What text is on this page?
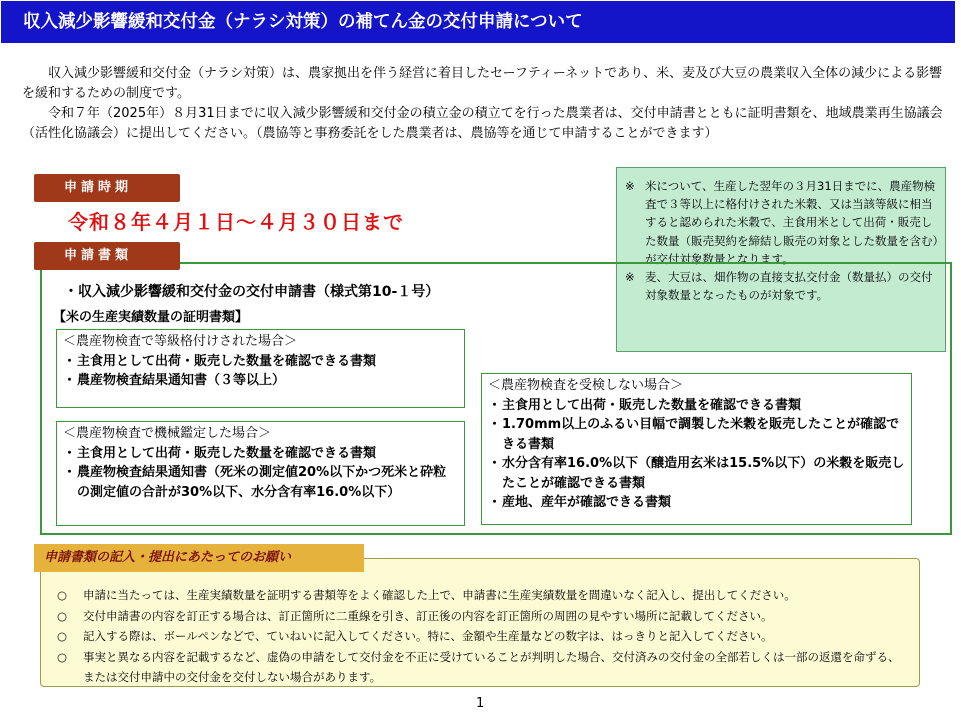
収入減少影響緩和交付金（ナラシ対策）の補てん金の交付申請について
収入減少影響緩和交付金（ナラシ対策）は、農家拠出を伴う経営に着目したセーフティーネットであり、米、麦及び大豆の農業収入全体の減少による影響を緩和するための制度です。
令和７年（2025年）８月31日までに収入減少影響緩和交付金の積立金の積立てを行った農業者は、交付申請書とともに証明書類を、地域農業再生協議会（活性化協議会）に提出してください。（農協等と事務委託をした農業者は、農協等を通じて申請することができます）
申請時期
令和８年４月１日～４月３０日まで
※ 米について、生産した翌年の３月31日までに、農産物検査で３等以上に格付けされた米穀、又は当該等級に相当すると認められた米穀で、主食用米として出荷・販売した数量（販売契約を締結し販売の対象とした数量を含む）が交付対象数量となります。
※ 麦、大豆は、畑作物の直接支払交付金（数量払）の交付対象数量となったものが対象です。
申請書類
・収入減少影響緩和交付金の交付申請書（様式第10-１号）
【米の生産実績数量の証明書類】
＜農産物検査で等級格付けされた場合＞
・ 主食用として出荷・販売した数量を確認できる書類
・ 農産物検査結果通知書（３等以上）
＜農産物検査で機械鑑定した場合＞
・ 主食用として出荷・販売した数量を確認できる書類
・ 農産物検査結果通知書（死米の測定値20%以下かつ死米と砕粒の測定値の合計が30%以下、水分含有率16.0%以下）
＜農産物検査を受検しない場合＞
・ 主食用として出荷・販売した数量を確認できる書類
・ 1.70mm以上のふるい目幅で調製した米穀を販売したことが確認できる書類
・ 水分含有率16.0%以下（醸造用玄米は15.5%以下）の米穀を販売したことが確認できる書類
・ 産地、産年が確認できる書類
○	申請に当たっては、生産実績数量を証明する書類等をよく確認した上で、申請書に生産実績数量を間違いなく記入し、提出してください。
○	交付申請書の内容を訂正する場合は、訂正箇所に二重線を引き、訂正後の内容を訂正箇所の周囲の見やすい場所に記載してください。
○	記入する際は、ボールペンなどで、ていねいに記入してください。特に、金額や生産量などの数字は、はっきりと記入してください。
○	事実と異なる内容を記載するなど、虚偽の申請をして交付金を不正に受けていることが判明した場合、交付済みの交付金の全部若しくは一部の返還を命ずる、または交付申請中の交付金を交付しない場合があります。
申請書類の記入・提出にあたってのお願い
1
